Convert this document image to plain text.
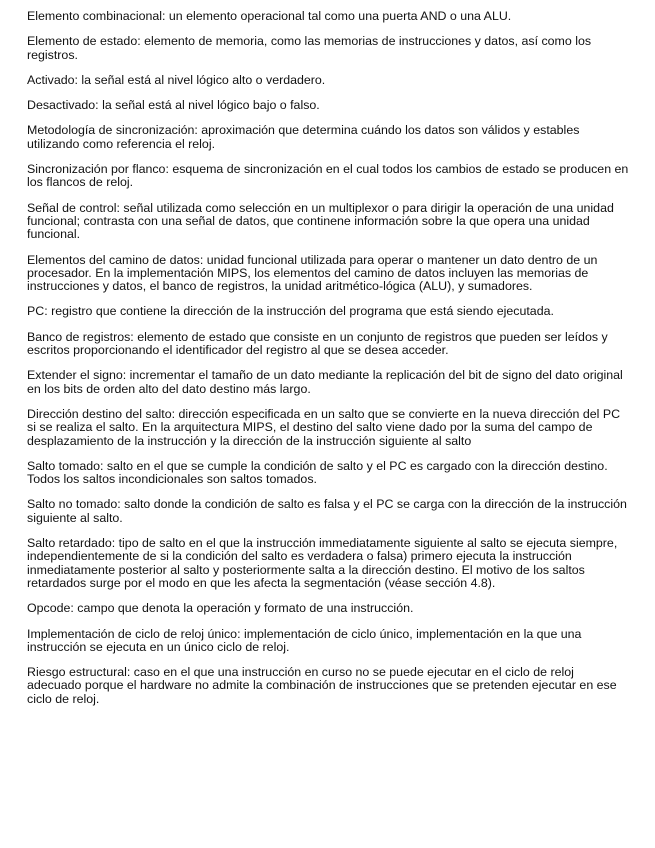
Elemento combinacional: un elemento operacional tal como una puerta AND o una ALU.

Elemento de estado: elemento de memoria, como las memorias de instrucciones y datos, así como los registros.

Activado: la señal está al nivel lógico alto o verdadero.

Desactivado: la señal está al nivel lógico bajo o falso.

Metodología de sincronización: aproximación que determina cuándo los datos son válidos y estables utilizando como referencia el reloj.

Sincronización por flanco: esquema de sincronización en el cual todos los cambios de estado se producen en los flancos de reloj.

Señal de control: señal utilizada como selección en un multiplexor o para dirigir la operación de una unidad funcional; contrasta con una señal de datos, que continene información sobre la que opera una unidad funcional.

Elementos del camino de datos: unidad funcional utilizada para operar o mantener un dato dentro de un procesador. En la implementación MIPS, los elementos del camino de datos incluyen las memorias de instrucciones y datos, el banco de registros, la unidad aritmético-lógica (ALU), y sumadores.

PC: registro que contiene la dirección de la instrucción del programa que está siendo ejecutada.

Banco de registros: elemento de estado que consiste en un conjunto de registros que pueden ser leídos y escritos proporcionando el identificador del registro al que se desea acceder.

Extender el signo: incrementar el tamaño de un dato mediante la replicación del bit de signo del dato original en los bits de orden alto del dato destino más largo.

Dirección destino del salto: dirección especificada en un salto que se convierte en la nueva dirección del PC si se realiza el salto. En la arquitectura MIPS, el destino del salto viene dado por la suma del campo de desplazamiento de la instrucción y la dirección de la instrucción siguiente al salto

Salto tomado: salto en el que se cumple la condición de salto y el PC es cargado con la dirección destino. Todos los saltos incondicionales son saltos tomados.

Salto no tomado: salto donde la condición de salto es falsa y el PC se carga con la dirección de la instrucción siguiente al salto.

Salto retardado: tipo de salto en el que la instrucción immediatamente siguiente al salto se ejecuta siempre, independientemente de si la condición del salto es verdadera o falsa) primero ejecuta la instrucción inmediatamente posterior al salto y posteriormente salta a la dirección destino. El motivo de los saltos retardados surge por el modo en que les afecta la segmentación (véase sección 4.8).

Opcode: campo que denota la operación y formato de una instrucción.

Implementación de ciclo de reloj único: implementación de ciclo único, implementación en la que una instrucción se ejecuta en un único ciclo de reloj.

Riesgo estructural: caso en el que una instrucción en curso no se puede ejecutar en el ciclo de reloj adecuado porque el hardware no admite la combinación de instrucciones que se pretenden ejecutar en ese ciclo de reloj.
